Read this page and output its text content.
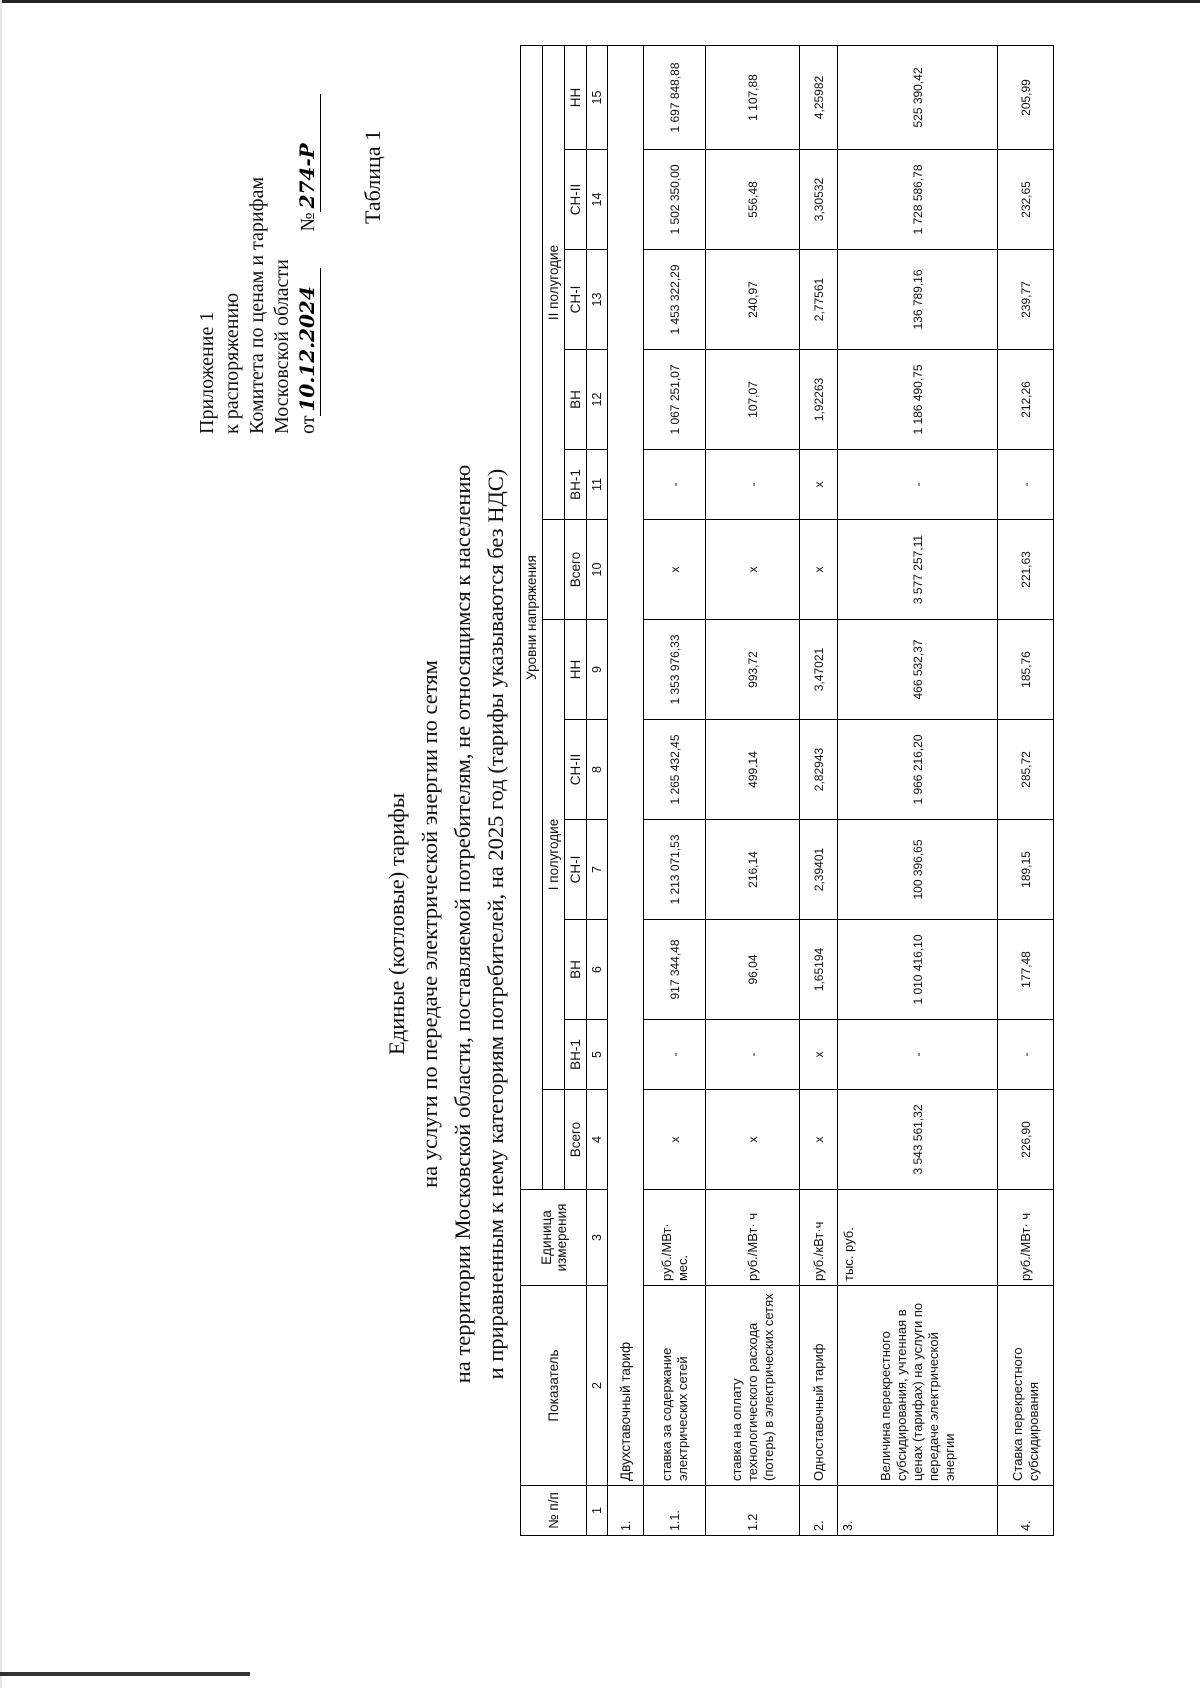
Приложение 1 к распоряжению Комитета по ценам и тарифам Московской области от10.12.2024№274-Р Таблица 1
Единые (котловые) тарифы на услуги по передаче электрической энергии по сетям на территории Московской области, поставляемой потребителям, не относящимся к населению и приравненным к нему категориям потребителей, на 2025 год (тарифы указываются без НДС)
№ п/п	Показатель	Единица измерения	Уровни напряжения											
				I полугодие						II полугодие				
			Всего	ВН-1	ВН	СН-I	СН-II	НН	Всего	ВН-1	ВН	СН-I	СН-II	НН
1	2	3	4	5	6	7	8	9	10	11	12	13	14	15
1.	Двухставочный тариф													
1.1.	ставка за содержание электрических сетей	руб./МВт· мес.	x	-	917 344,48	1 213 071,53	1 265 432,45	1 353 976,33	x	-	1 067 251,07	1 453 322,29	1 502 350,00	1 697 848,88
1.2	ставка на оплату технологического расхода (потерь) в электрических сетях	руб./МВт· ч	x	-	96,04	216,14	499,14	993,72	x	-	107,07	240,97	556,48	1 107,88
2.	Одноставочный тариф	руб./кВт·ч	x	x	1,65194	2,39401	2,82943	3,47021	x	x	1,92263	2,77561	3,30532	4,25982
3.	Величина перекрестного субсидирования, учтенная в ценах (тарифах) на услуги по передаче электрической энергии	тыс. руб.	3 543 561,32	-	1 010 416,10	100 396,65	1 966 216,20	466 532,37	3 577 257,11	-	1 186 490,75	136 789,16	1 728 586,78	525 390,42
4.	Ставка перекрестного субсидирования	руб./МВт· ч	226,90	-	177,48	189,15	285,72	185,76	221,63	-	212,26	239,77	232,65	205,99
